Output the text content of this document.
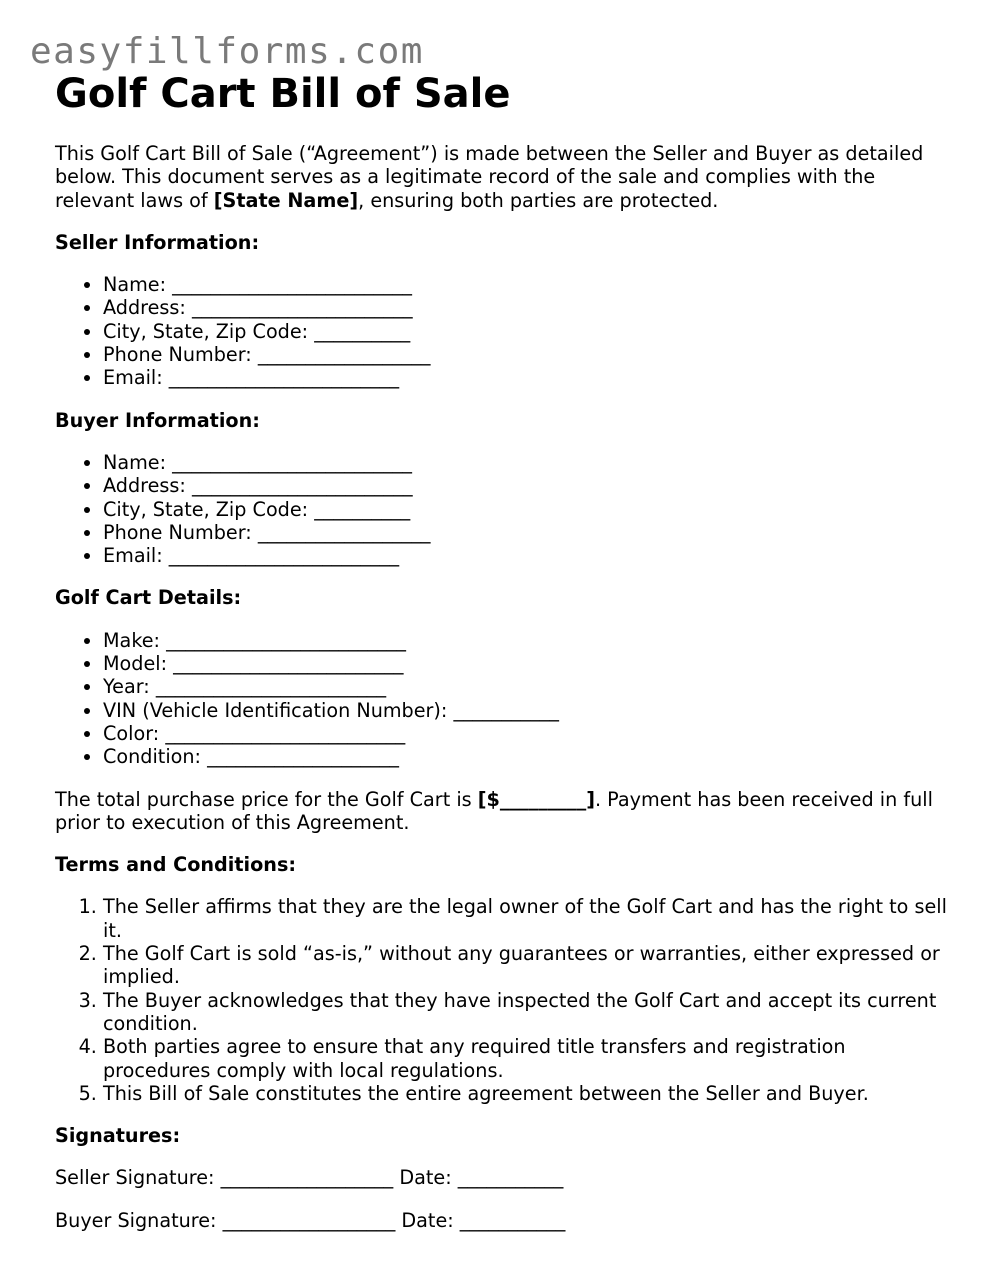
easyfillforms.com
Golf Cart Bill of Sale

This Golf Cart Bill of Sale (“Agreement”) is made between the Seller and Buyer as detailed below. This document serves as a legitimate record of the sale and complies with the relevant laws of [State Name], ensuring both parties are protected.

Seller Information:
• Name: _________________________
• Address: _______________________
• City, State, Zip Code: __________
• Phone Number: __________________
• Email: ________________________
Buyer Information:
• Name: _________________________
• Address: _______________________
• City, State, Zip Code: __________
• Phone Number: __________________
• Email: ________________________
Golf Cart Details:
• Make: _________________________
• Model: ________________________
• Year: ________________________
• VIN (Vehicle Identification Number): ___________
• Color: _________________________
• Condition: ____________________

The total purchase price for the Golf Cart is [$_________]. Payment has been received in full prior to execution of this Agreement.

Terms and Conditions:
1. The Seller affirms that they are the legal owner of the Golf Cart and has the right to sell it.
2. The Golf Cart is sold “as-is,” without any guarantees or warranties, either expressed or implied.
3. The Buyer acknowledges that they have inspected the Golf Cart and accept its current condition.
4. Both parties agree to ensure that any required title transfers and registration procedures comply with local regulations.
5. This Bill of Sale constitutes the entire agreement between the Seller and Buyer.
Signatures:

Seller Signature: __________________ Date: ___________

Buyer Signature: __________________ Date: ___________
